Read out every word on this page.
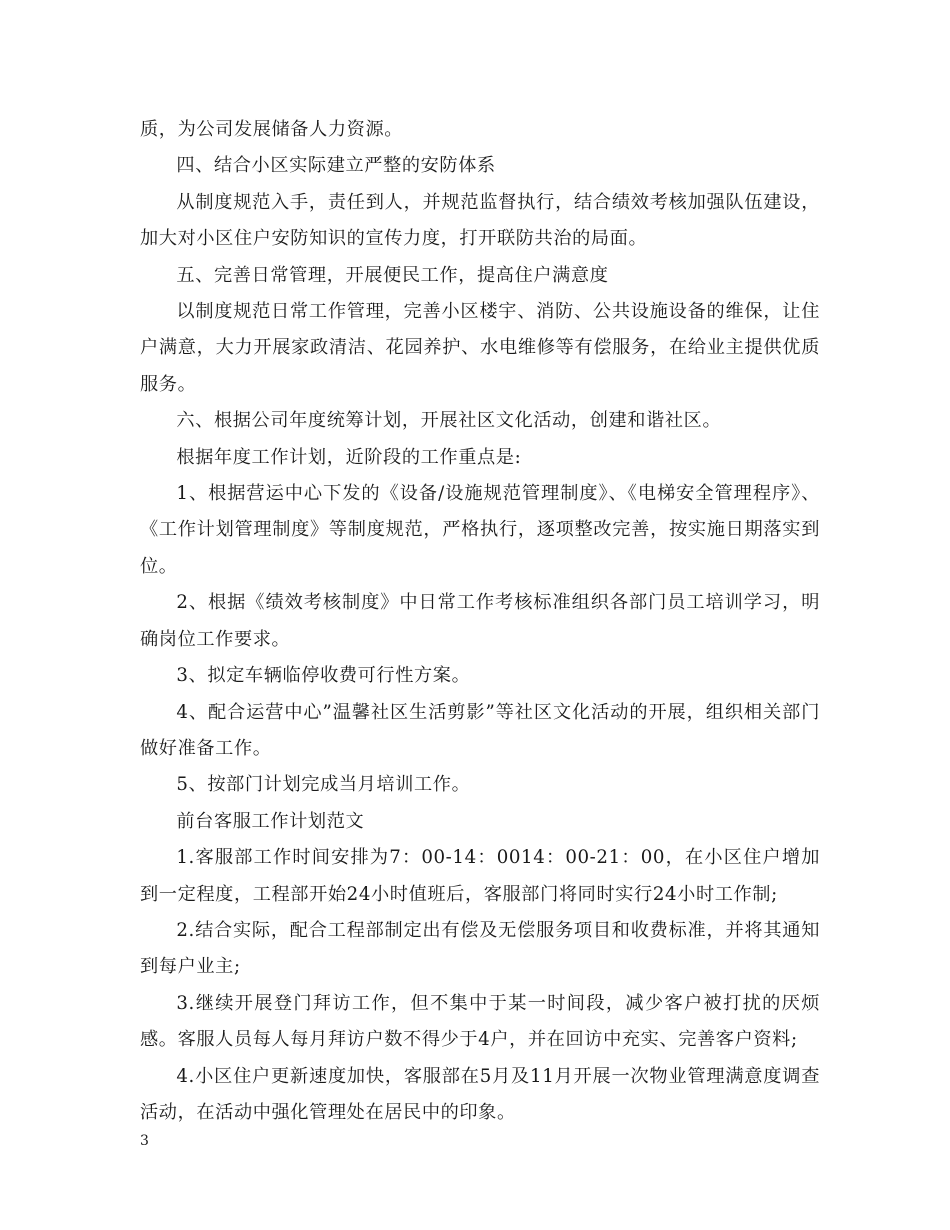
质，为公司发展储备人力资源。

四、结合小区实际建立严整的安防体系

从制度规范入手，责任到人，并规范监督执行，结合绩效考核加强队伍建设，加大对小区住户安防知识的宣传力度，打开联防共治的局面。

五、完善日常管理，开展便民工作，提高住户满意度

以制度规范日常工作管理，完善小区楼宇、消防、公共设施设备的维保，让住户满意，大力开展家政清洁、花园养护、水电维修等有偿服务，在给业主提供优质服务。

六、根据公司年度统筹计划，开展社区文化活动，创建和谐社区。

根据年度工作计划，近阶段的工作重点是:

1、根据营运中心下发的《设备/设施规范管理制度》、《电梯安全管理程序》、《工作计划管理制度》等制度规范，严格执行，逐项整改完善，按实施日期落实到位。

2、根据《绩效考核制度》中日常工作考核标准组织各部门员工培训学习，明确岗位工作要求。

3、拟定车辆临停收费可行性方案。

4、配合运营中心”温馨社区生活剪影”等社区文化活动的开展，组织相关部门做好准备工作。

5、按部门计划完成当月培训工作。

前台客服工作计划范文

1.客服部工作时间安排为7：00-14：0014：00-21：00，在小区住户增加到一定程度，工程部开始24小时值班后，客服部门将同时实行24小时工作制;

2.结合实际，配合工程部制定出有偿及无偿服务项目和收费标准，并将其通知到每户业主;

3.继续开展登门拜访工作，但不集中于某一时间段，减少客户被打扰的厌烦感。客服人员每人每月拜访户数不得少于4户，并在回访中充实、完善客户资料;

4.小区住户更新速度加快，客服部在5月及11月开展一次物业管理满意度调查活动，在活动中强化管理处在居民中的印象。

3
